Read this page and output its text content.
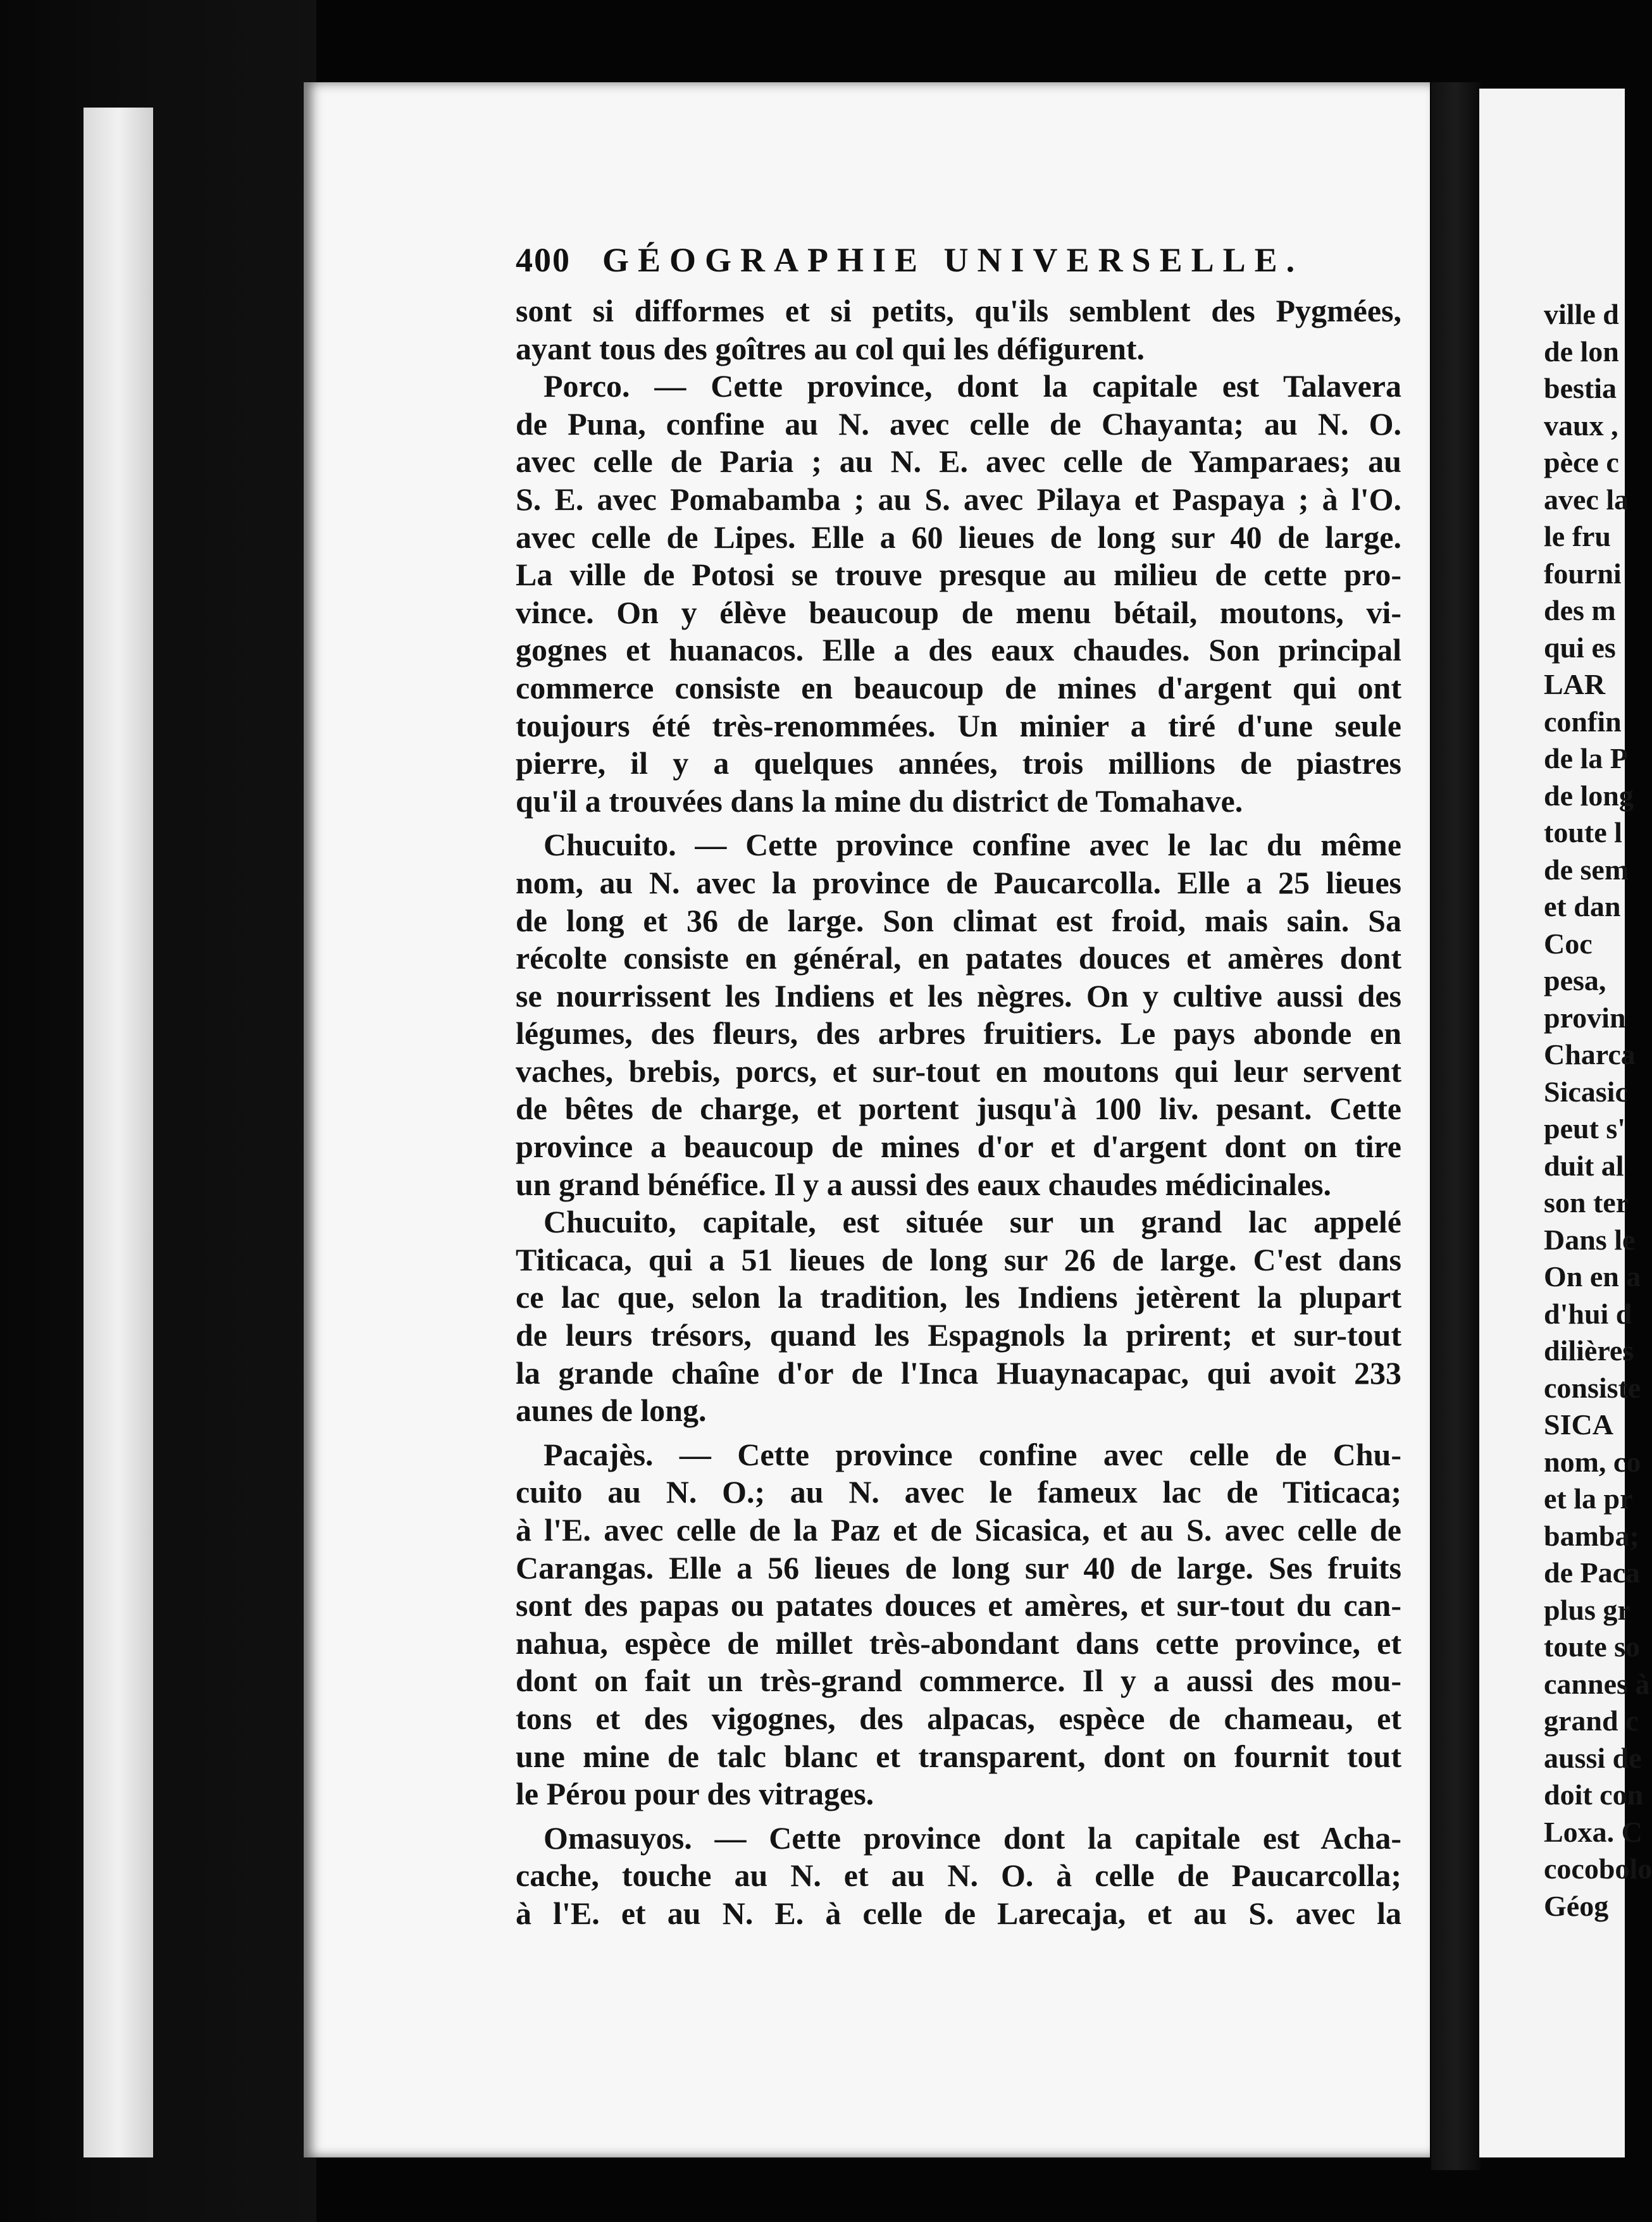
400 GÉOGRAPHIE UNIVERSELLE.
sont si difformes et si petits, qu'ils semblent des Pygmées,
ayant tous des goîtres au col qui les défigurent.
Porco. — Cette province, dont la capitale est Talavera
de Puna, confine au N. avec celle de Chayanta; au N. O.
avec celle de Paria ; au N. E. avec celle de Yamparaes; au
S. E. avec Pomabamba ; au S. avec Pilaya et Paspaya ; à l'O.
avec celle de Lipes. Elle a 60 lieues de long sur 40 de large.
La ville de Potosi se trouve presque au milieu de cette pro-
vince. On y élève beaucoup de menu bétail, moutons, vi-
gognes et huanacos. Elle a des eaux chaudes. Son principal
commerce consiste en beaucoup de mines d'argent qui ont
toujours été très-renommées. Un minier a tiré d'une seule
pierre, il y a quelques années, trois millions de piastres
qu'il a trouvées dans la mine du district de Tomahave.
Chucuito. — Cette province confine avec le lac du même
nom, au N. avec la province de Paucarcolla. Elle a 25 lieues
de long et 36 de large. Son climat est froid, mais sain. Sa
récolte consiste en général, en patates douces et amères dont
se nourrissent les Indiens et les nègres. On y cultive aussi des
légumes, des fleurs, des arbres fruitiers. Le pays abonde en
vaches, brebis, porcs, et sur-tout en moutons qui leur servent
de bêtes de charge, et portent jusqu'à 100 liv. pesant. Cette
province a beaucoup de mines d'or et d'argent dont on tire
un grand bénéfice. Il y a aussi des eaux chaudes médicinales.
Chucuito, capitale, est située sur un grand lac appelé
Titicaca, qui a 51 lieues de long sur 26 de large. C'est dans
ce lac que, selon la tradition, les Indiens jetèrent la plupart
de leurs trésors, quand les Espagnols la prirent; et sur-tout
la grande chaîne d'or de l'Inca Huaynacapac, qui avoit 233
aunes de long.
Pacajès. — Cette province confine avec celle de Chu-
cuito au N. O.; au N. avec le fameux lac de Titicaca;
à l'E. avec celle de la Paz et de Sicasica, et au S. avec celle de
Carangas. Elle a 56 lieues de long sur 40 de large. Ses fruits
sont des papas ou patates douces et amères, et sur-tout du can-
nahua, espèce de millet très-abondant dans cette province, et
dont on fait un très-grand commerce. Il y a aussi des mou-
tons et des vigognes, des alpacas, espèce de chameau, et
une mine de talc blanc et transparent, dont on fournit tout
le Pérou pour des vitrages.
Omasuyos. — Cette province dont la capitale est Acha-
cache, touche au N. et au N. O. à celle de Paucarcolla;
à l'E. et au N. E. à celle de Larecaja, et au S. avec la
ville d
de lon
bestia
vaux ,
pèce c
avec la
le fru
fourni
des m
qui es
LAR
confin
de la P
de long
toute l
de sem
et dan
Coc
pesa,
provin
Charca
Sicasic
peut s'
duit al
son ter
Dans le
On en a
d'hui d
dilières
consiste
SICA
nom, co
et la pr
bamba;
de Paca
plus gr
toute so
cannes à
grand c
aussi de
doit con
Loxa. C
cocobolo
Géog
